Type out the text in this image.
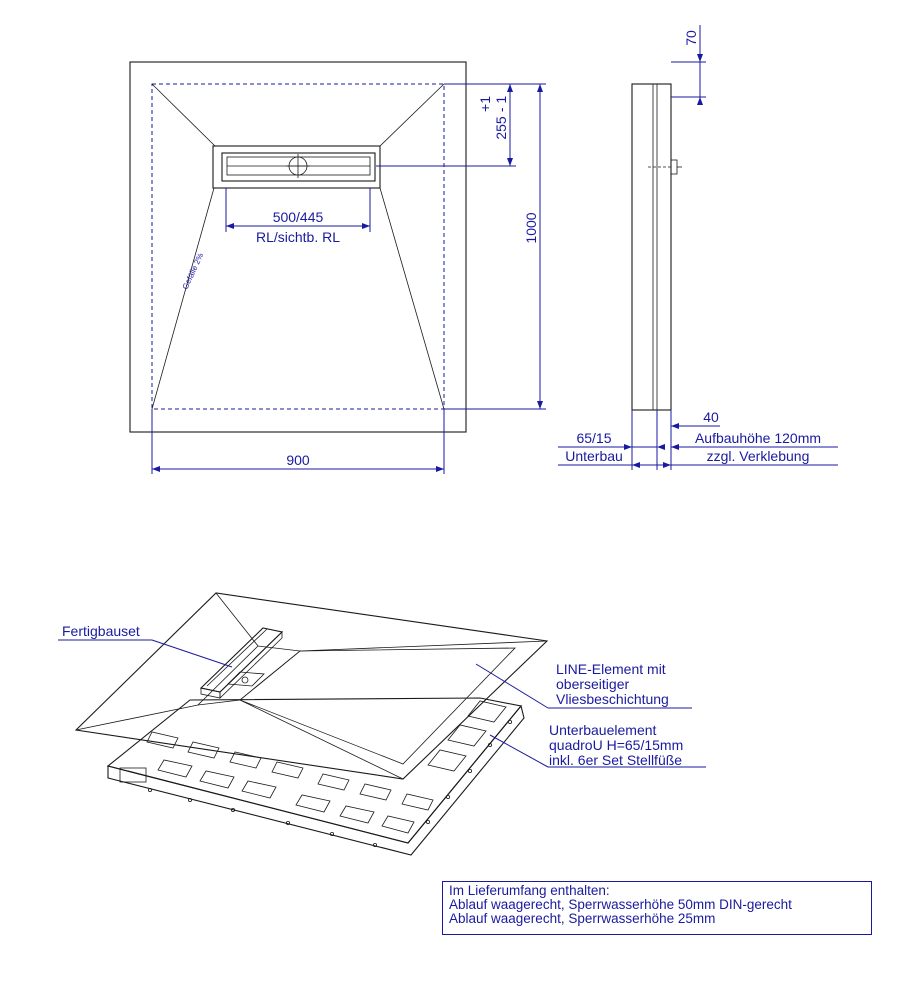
Gefälle 2%
500/445
RL/sichtb. RL
900
1000
255
+1 - 1
70
40
Aufbauhöhe 120mm
zzgl. Verklebung
65/15
Unterbau
Fertigbauset
LINE-Element mit
oberseitiger
Vliesbeschichtung
Unterbauelement
quadroU H=65/15mm
inkl. 6er Set Stellfüße
Im Lieferumfang enthalten:
Ablauf waagerecht, Sperrwasserhöhe 50mm DIN-gerecht
Ablauf waagerecht, Sperrwasserhöhe 25mm
